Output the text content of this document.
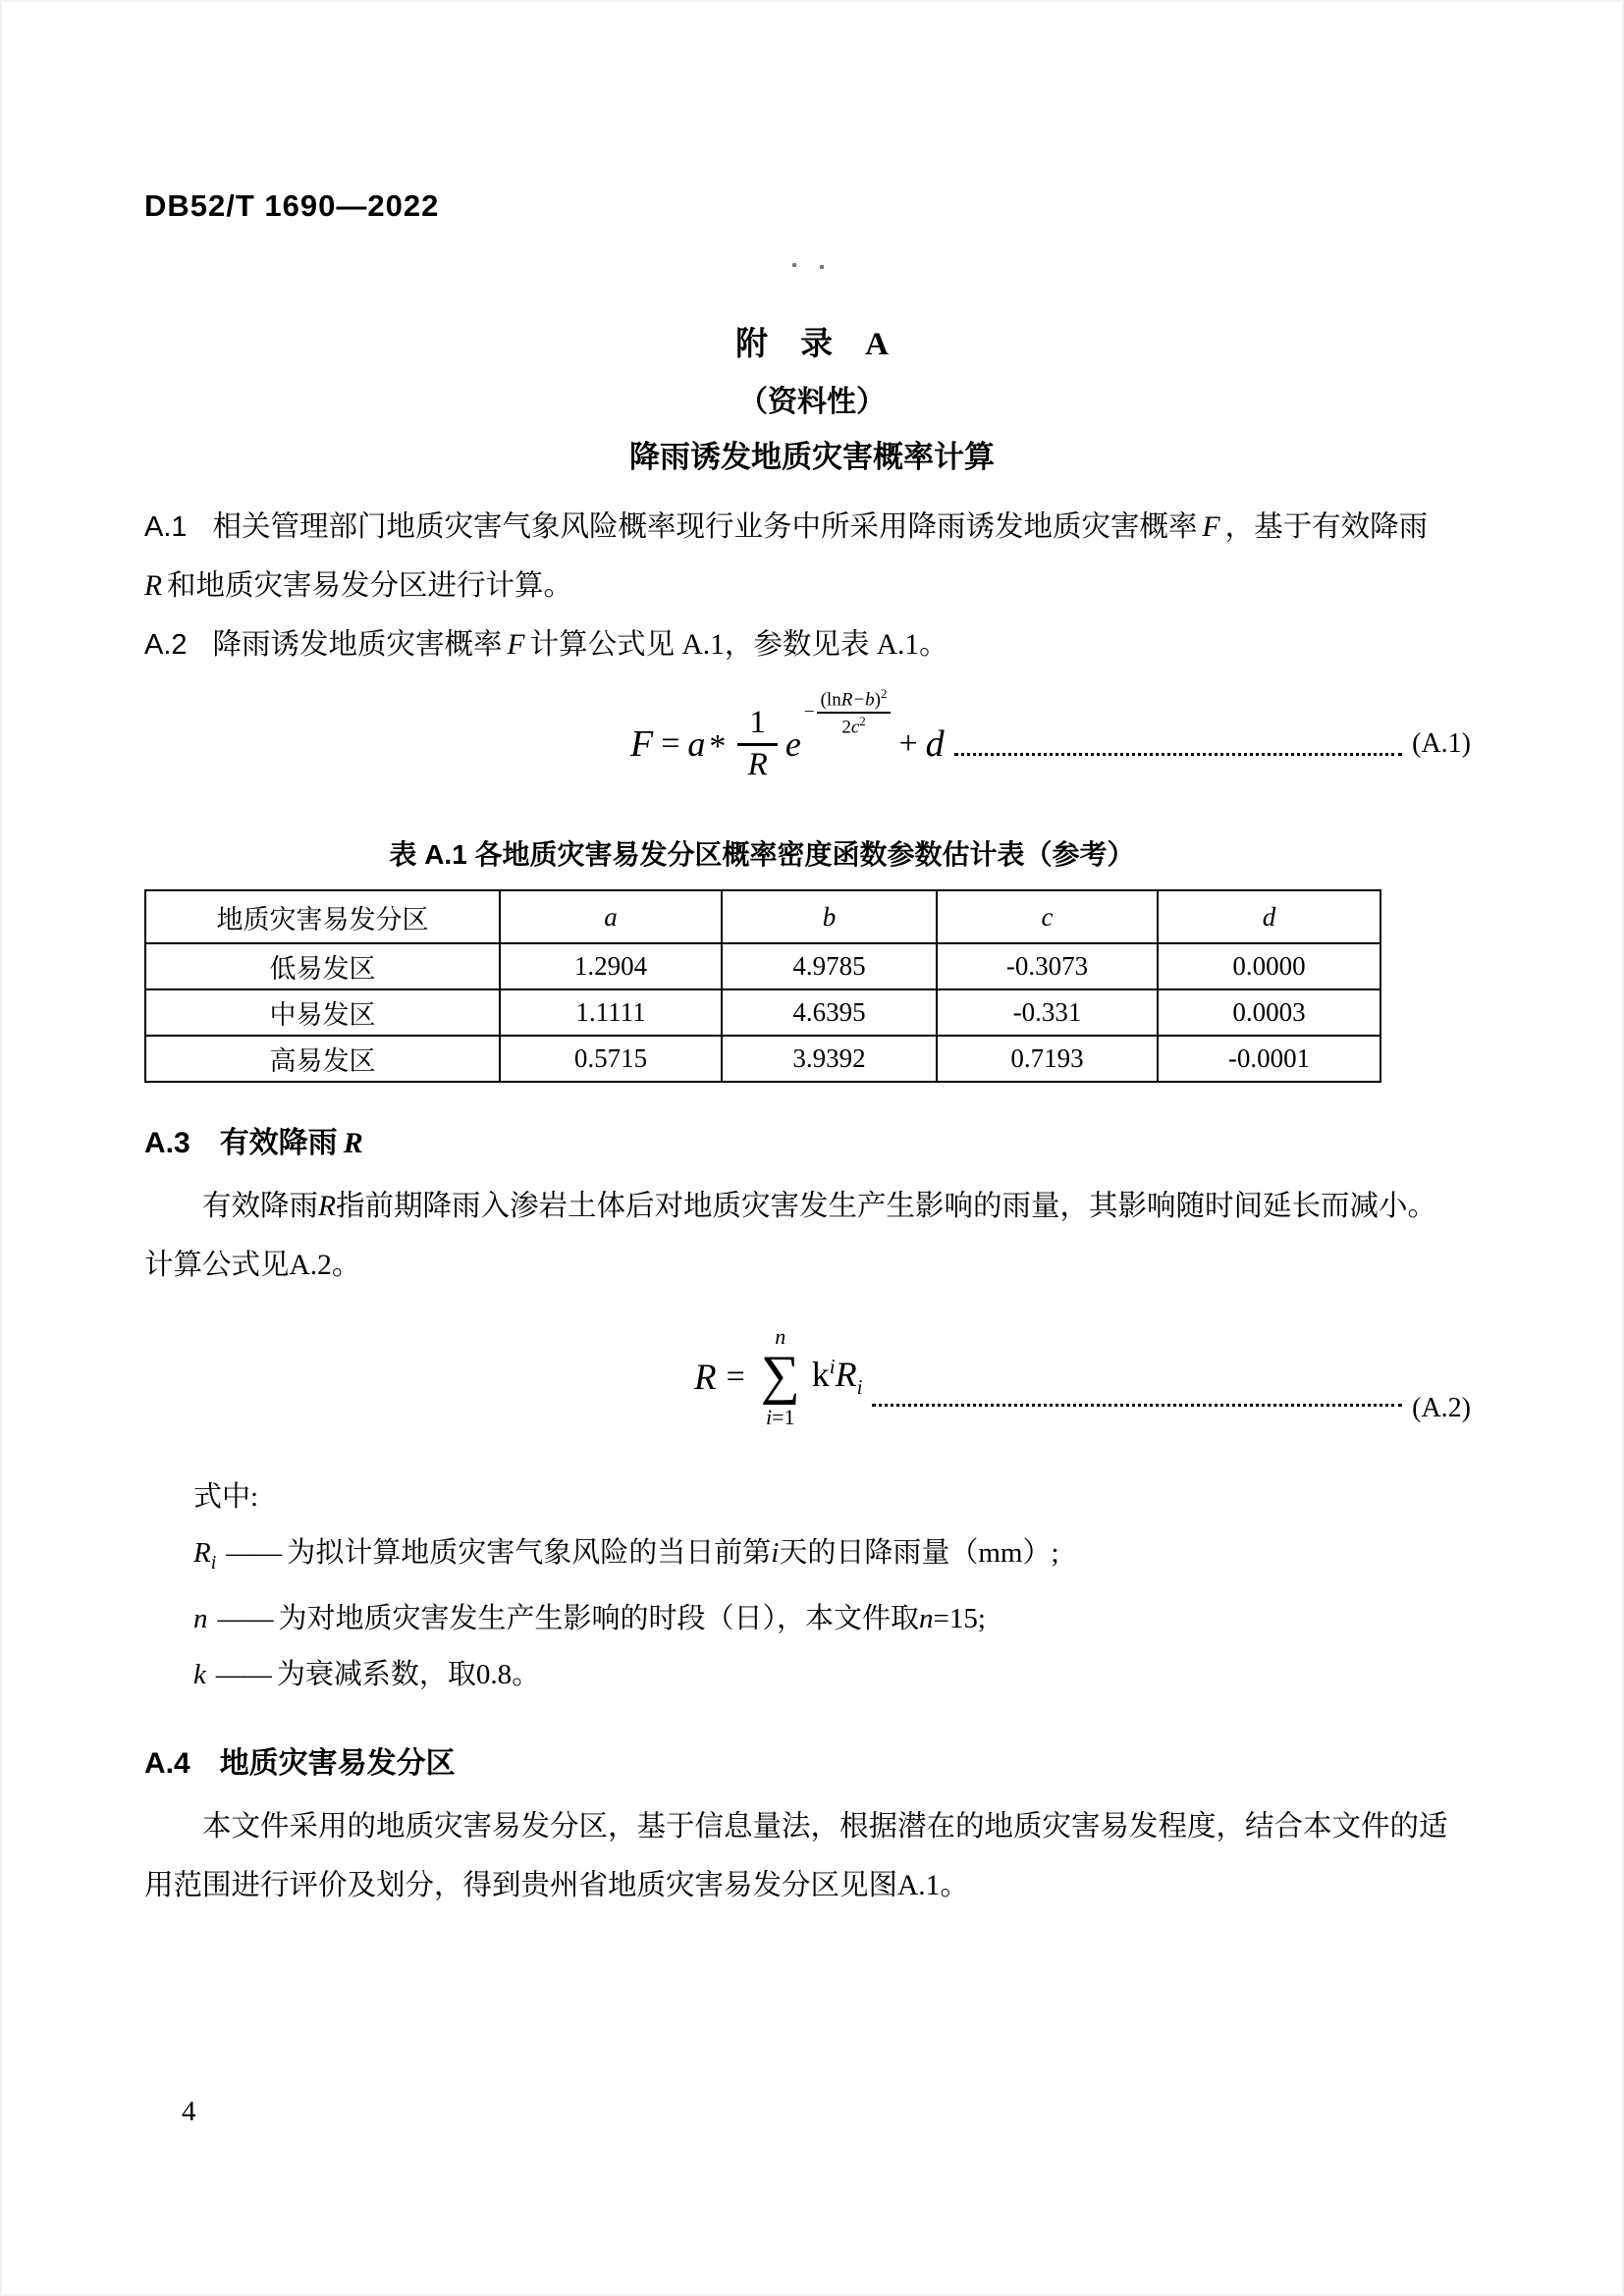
DB52/T 1690—2022
附　录　A
（资料性）
降雨诱发地质灾害概率计算
A.1 相关管理部门地质灾害气象风险概率现行业务中所采用降雨诱发地质灾害概率 F ，基于有效降雨
R 和地质灾害易发分区进行计算。
A.2 降雨诱发地质灾害概率 F 计算公式见 A.1，参数见表 A.1。
$F = a * \frac{1}{R}$ e
− $\frac{(\ln R-b)^2}{2c^2}$
+ d	(A.1)
表 A.1 各地质灾害易发分区概率密度函数参数估计表（参考）
地质灾害易发分区	a	b	c	d
低易发区	1.2904	4.9785	-0.3073	0.0000
中易发区	1.1111	4.6395	-0.331	0.0003
高易发区	0.5715	3.9392	0.7193	-0.0001
A.3 有效降雨 R
有效降雨R指前期降雨入渗岩土体后对地质灾害发生产生影响的雨量，其影响随时间延长而减小。
计算公式见A.2。
R =
n
∑
i=1
$k^iR_i$
(A.2)
式中:
$R_i$ —— 为拟计算地质灾害气象风险的当日前第i天的日降雨量（mm）;
n —— 为对地质灾害发生产生影响的时段（日），本文件取n=15;
k —— 为衰减系数，取0.8。
A.4 地质灾害易发分区
本文件采用的地质灾害易发分区，基于信息量法，根据潜在的地质灾害易发程度，结合本文件的适
用范围进行评价及划分，得到贵州省地质灾害易发分区见图A.1。
4
